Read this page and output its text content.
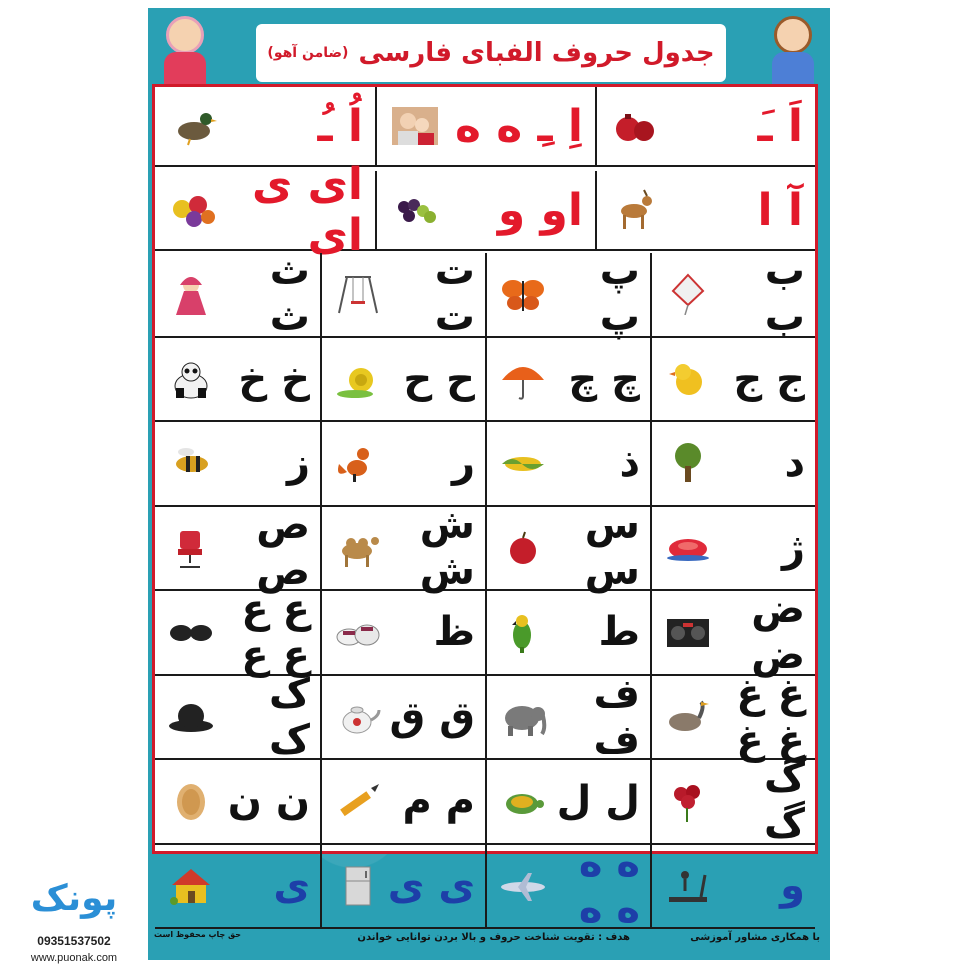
جدول حروف الفبای فارسی
(ضامن آهو)
اَ ـَ
اِ ـِ ه ه
اُ ـُ
آ ا
او و
ای ی ای
ب ب
پ پ
ت ت
ث ث
ج ج
چ چ
ح ح
خ خ
د
ذ
ر
ز
ژ
س س
ش ش
ص ص
ض ض
ط
ظ
ع ع ع ع
غ غ غ غ
ف ف
ق ق
ک ک
گ گ
ل ل
م م
ن ن
و
ه ه ه ه
ی ی
ى
با همکاری مشاور آموزشی
هدف : تقویت شناخت حروف و بالا بردن توانایی خواندن
حق چاپ محفوظ است
پونک
09351537502
www.puonak.com
